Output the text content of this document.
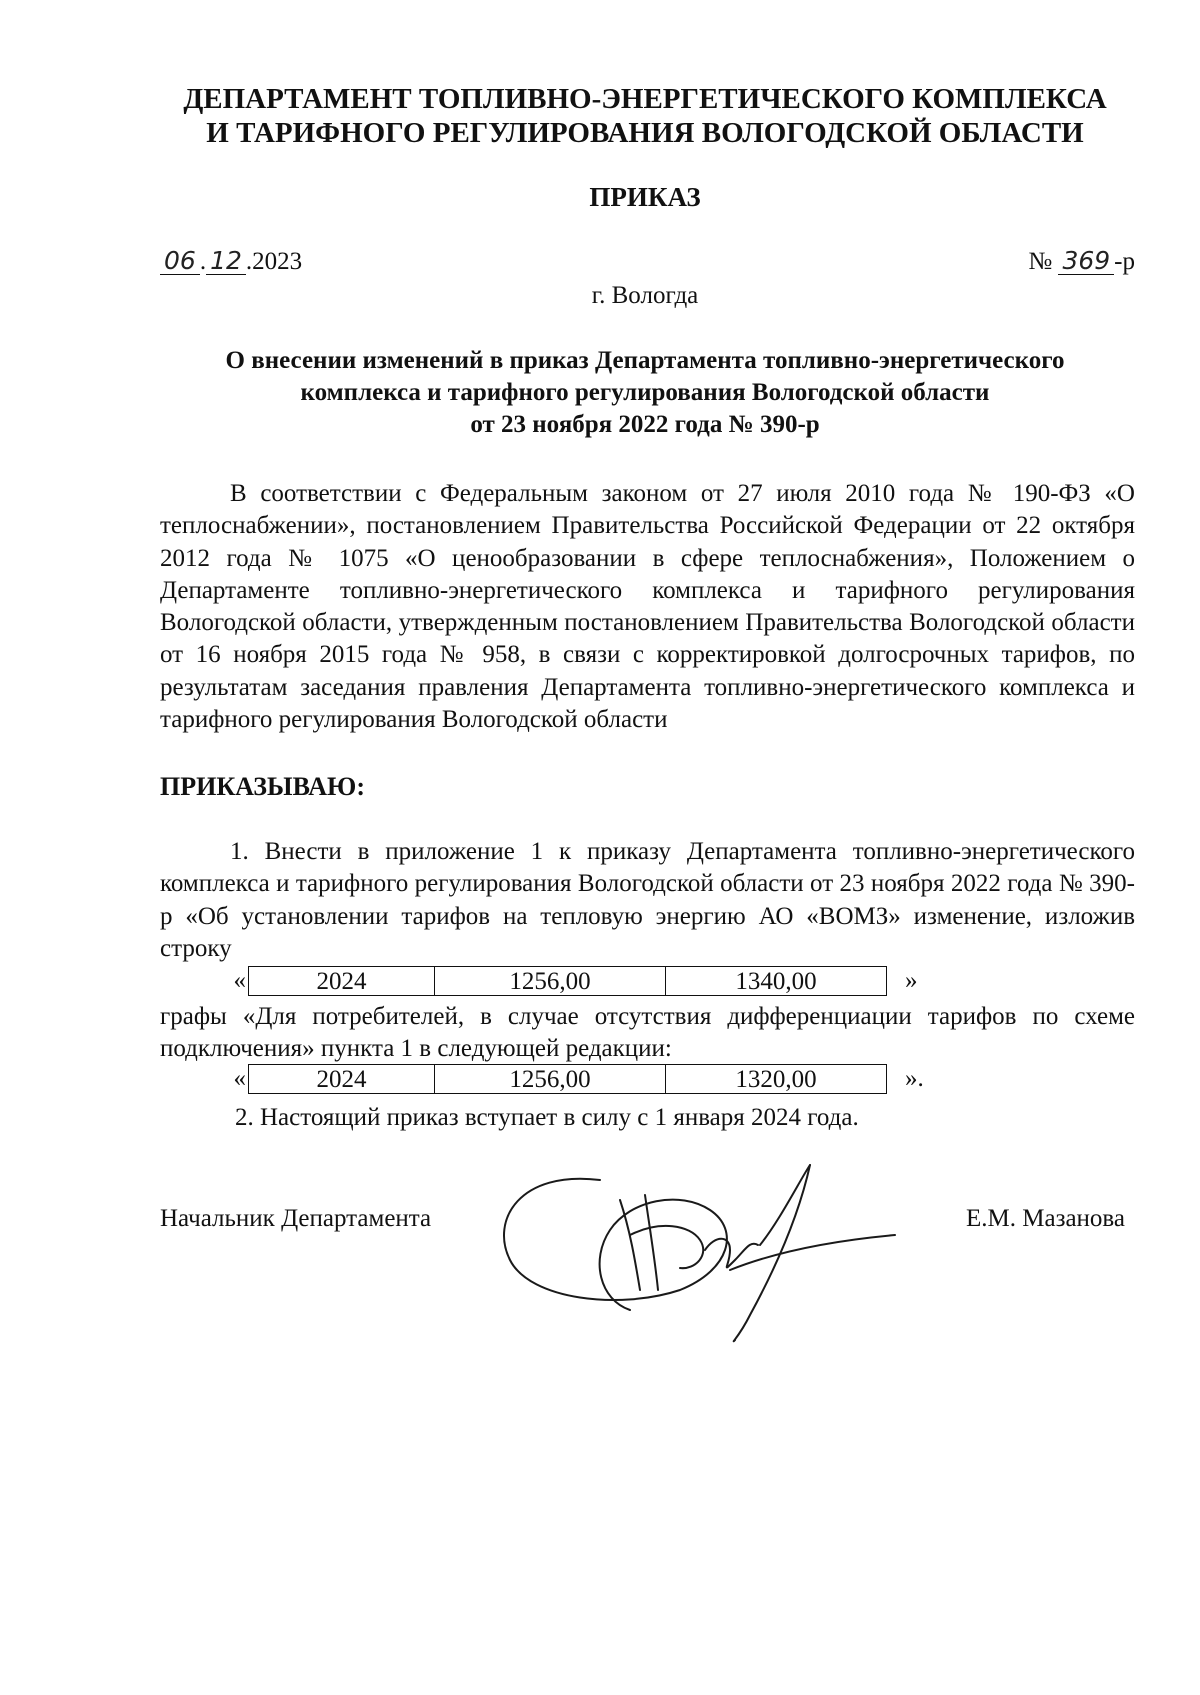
ДЕПАРТАМЕНТ ТОПЛИВНО-ЭНЕРГЕТИЧЕСКОГО КОМПЛЕКСА
И ТАРИФНОГО РЕГУЛИРОВАНИЯ ВОЛОГОДСКОЙ ОБЛАСТИ
ПРИКАЗ
06 . 12 .2023	№ 369 -р
г. Вологда
О внесении изменений в приказ Департамента топливно-энергетического
комплекса и тарифного регулирования Вологодской области
от 23 ноября 2022 года № 390-р
В соответствии с Федеральным законом от 27 июля 2010 года № 190-ФЗ «О теплоснабжении», постановлением Правительства Российской Федерации от 22 октября 2012 года № 1075 «О ценообразовании в сфере теплоснабжения», Положением о Департаменте топливно-энергетического комплекса и тарифного регулирования Вологодской области, утвержденным постановлением Правительства Вологодской области от 16 ноября 2015 года № 958, в связи с корректировкой долгосрочных тарифов, по результатам заседания правления Департамента топливно-энергетического комплекса и тарифного регулирования Вологодской области
ПРИКАЗЫВАЮ:
1. Внести в приложение 1 к приказу Департамента топливно-энергетического комплекса и тарифного регулирования Вологодской области от 23 ноября 2022 года № 390-р «Об установлении тарифов на тепловую энергию АО «ВОМЗ» изменение, изложив строку
«	2024	1256,00	1340,00	»
графы «Для потребителей, в случае отсутствия дифференциации тарифов по схеме подключения» пункта 1 в следующей редакции:
«	2024	1256,00	1320,00	».
2. Настоящий приказ вступает в силу с 1 января 2024 года.
Начальник Департамента	Е.М. Мазанова
